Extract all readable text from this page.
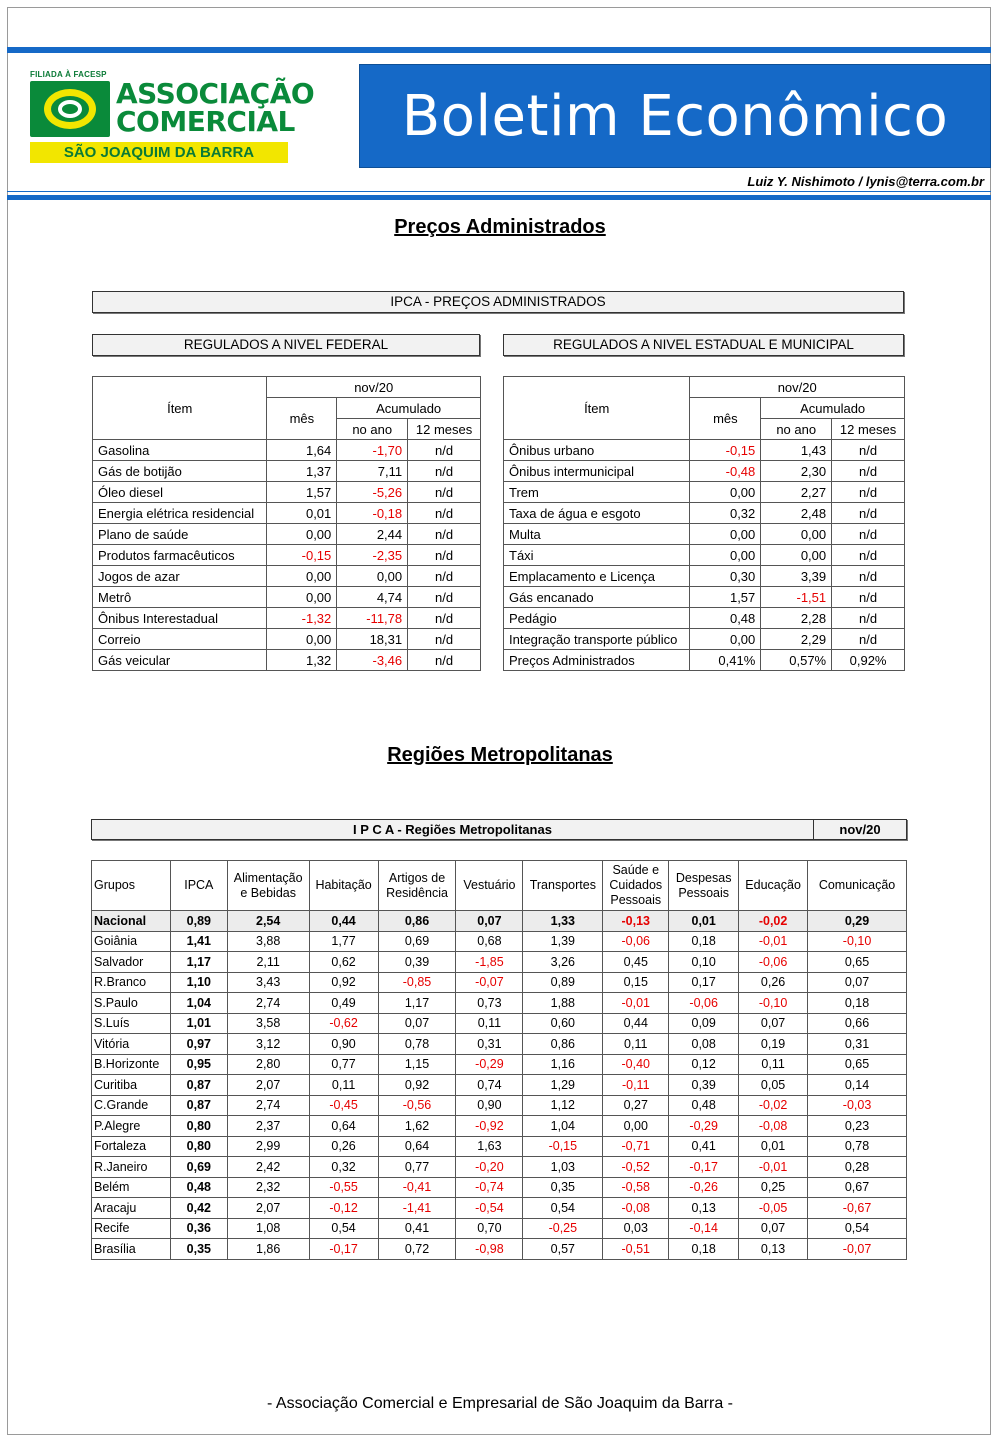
FILIADA À FACESP
ASSOCIAÇÃO
COMERCIAL
SÃO JOAQUIM DA BARRA
Boletim Econômico
Luiz Y. Nishimoto / lynis@terra.com.br
Preços Administrados
IPCA - PREÇOS ADMINISTRADOS
REGULADOS A NIVEL FEDERAL	REGULADOS A NIVEL ESTADUAL E MUNICIPAL
Ítem	nov/20		
	mês	Acumulado	
		no ano	12 meses
Gasolina	1,64	-1,70	n/d
Gás de botijão	1,37	7,11	n/d
Óleo diesel	1,57	-5,26	n/d
Energia elétrica residencial	0,01	-0,18	n/d
Plano de saúde	0,00	2,44	n/d
Produtos farmacêuticos	-0,15	-2,35	n/d
Jogos de azar	0,00	0,00	n/d
Metrô	0,00	4,74	n/d
Ônibus Interestadual	-1,32	-11,78	n/d
Correio	0,00	18,31	n/d
Gás veicular	1,32	-3,46	n/d
Ítem	nov/20		
	mês	Acumulado	
		no ano	12 meses
Ônibus urbano	-0,15	1,43	n/d
Ônibus intermunicipal	-0,48	2,30	n/d
Trem	0,00	2,27	n/d
Taxa de água e esgoto	0,32	2,48	n/d
Multa	0,00	0,00	n/d
Táxi	0,00	0,00	n/d
Emplacamento e Licença	0,30	3,39	n/d
Gás encanado	1,57	-1,51	n/d
Pedágio	0,48	2,28	n/d
Integração transporte público	0,00	2,29	n/d
Preços Administrados	0,41%	0,57%	0,92%
Regiões Metropolitanas
I P C A - Regiões Metropolitanas	nov/20
Grupos	IPCA	Alimentação e Bebidas	Habitação	Artigos de Residência	Vestuário	Transportes	Saúde e Cuidados Pessoais	Despesas Pessoais	Educação	Comunicação
Nacional	0,89	2,54	0,44	0,86	0,07	1,33	-0,13	0,01	-0,02	0,29
Goiânia	1,41	3,88	1,77	0,69	0,68	1,39	-0,06	0,18	-0,01	-0,10
Salvador	1,17	2,11	0,62	0,39	-1,85	3,26	0,45	0,10	-0,06	0,65
R.Branco	1,10	3,43	0,92	-0,85	-0,07	0,89	0,15	0,17	0,26	0,07
S.Paulo	1,04	2,74	0,49	1,17	0,73	1,88	-0,01	-0,06	-0,10	0,18
S.Luís	1,01	3,58	-0,62	0,07	0,11	0,60	0,44	0,09	0,07	0,66
Vitória	0,97	3,12	0,90	0,78	0,31	0,86	0,11	0,08	0,19	0,31
B.Horizonte	0,95	2,80	0,77	1,15	-0,29	1,16	-0,40	0,12	0,11	0,65
Curitiba	0,87	2,07	0,11	0,92	0,74	1,29	-0,11	0,39	0,05	0,14
C.Grande	0,87	2,74	-0,45	-0,56	0,90	1,12	0,27	0,48	-0,02	-0,03
P.Alegre	0,80	2,37	0,64	1,62	-0,92	1,04	0,00	-0,29	-0,08	0,23
Fortaleza	0,80	2,99	0,26	0,64	1,63	-0,15	-0,71	0,41	0,01	0,78
R.Janeiro	0,69	2,42	0,32	0,77	-0,20	1,03	-0,52	-0,17	-0,01	0,28
Belém	0,48	2,32	-0,55	-0,41	-0,74	0,35	-0,58	-0,26	0,25	0,67
Aracaju	0,42	2,07	-0,12	-1,41	-0,54	0,54	-0,08	0,13	-0,05	-0,67
Recife	0,36	1,08	0,54	0,41	0,70	-0,25	0,03	-0,14	0,07	0,54
Brasília	0,35	1,86	-0,17	0,72	-0,98	0,57	-0,51	0,18	0,13	-0,07
- Associação Comercial e Empresarial de São Joaquim da Barra -
